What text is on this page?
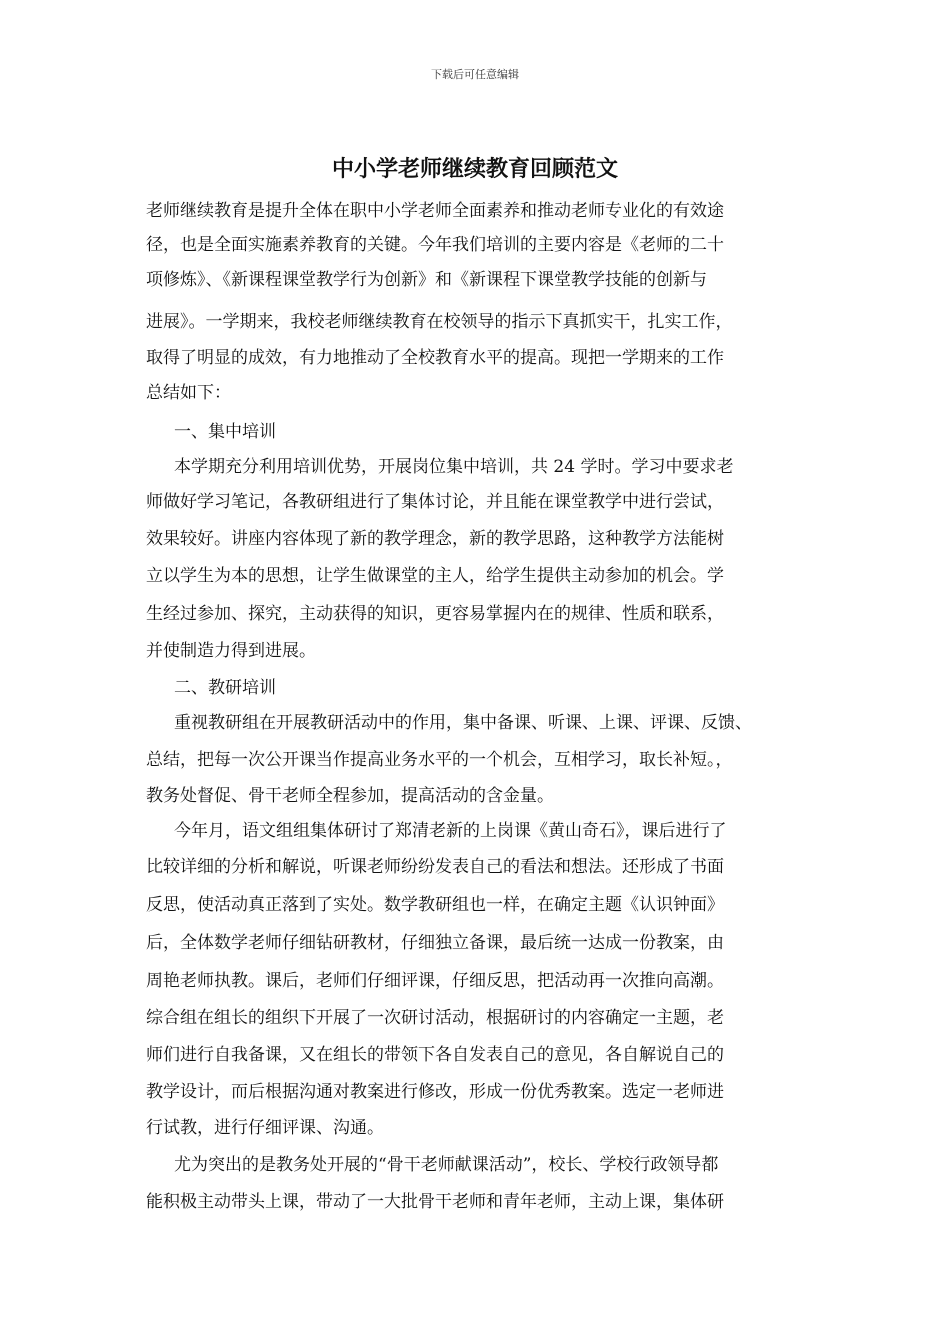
下载后可任意编辑
中小学老师继续教育回顾范文
老师继续教育是提升全体在职中小学老师全面素养和推动老师专业化的有效途
径，也是全面实施素养教育的关键。今年我们培训的主要内容是《老师的二十
项修炼》、《新课程课堂教学行为创新》和《新课程下课堂教学技能的创新与
进展》。一学期来，我校老师继续教育在校领导的指示下真抓实干，扎实工作，
取得了明显的成效，有力地推动了全校教育水平的提高。现把一学期来的工作
总结如下：
一、集中培训
本学期充分利用培训优势，开展岗位集中培训，共 24 学时。学习中要求老
师做好学习笔记，各教研组进行了集体讨论，并且能在课堂教学中进行尝试，
效果较好。讲座内容体现了新的教学理念，新的教学思路，这种教学方法能树
立以学生为本的思想，让学生做课堂的主人，给学生提供主动参加的机会。学
生经过参加、探究，主动获得的知识，更容易掌握内在的规律、性质和联系，
并使制造力得到进展。
二、教研培训
重视教研组在开展教研活动中的作用，集中备课、听课、上课、评课、反馈、
总结，把每一次公开课当作提高业务水平的一个机会，互相学习，取长补短。，
教务处督促、骨干老师全程参加，提高活动的含金量。
今年月，语文组组集体研讨了郑清老新的上岗课《黄山奇石》，课后进行了
比较详细的分析和解说，听课老师纷纷发表自己的看法和想法。还形成了书面
反思，使活动真正落到了实处。数学教研组也一样，在确定主题《认识钟面》
后，全体数学老师仔细钻研教材，仔细独立备课，最后统一达成一份教案，由
周艳老师执教。课后，老师们仔细评课，仔细反思，把活动再一次推向高潮。
综合组在组长的组织下开展了一次研讨活动，根据研讨的内容确定一主题，老
师们进行自我备课，又在组长的带领下各自发表自己的意见，各自解说自己的
教学设计，而后根据沟通对教案进行修改，形成一份优秀教案。选定一老师进
行试教，进行仔细评课、沟通。
尤为突出的是教务处开展的“骨干老师献课活动”，校长、学校行政领导都
能积极主动带头上课，带动了一大批骨干老师和青年老师，主动上课，集体研
